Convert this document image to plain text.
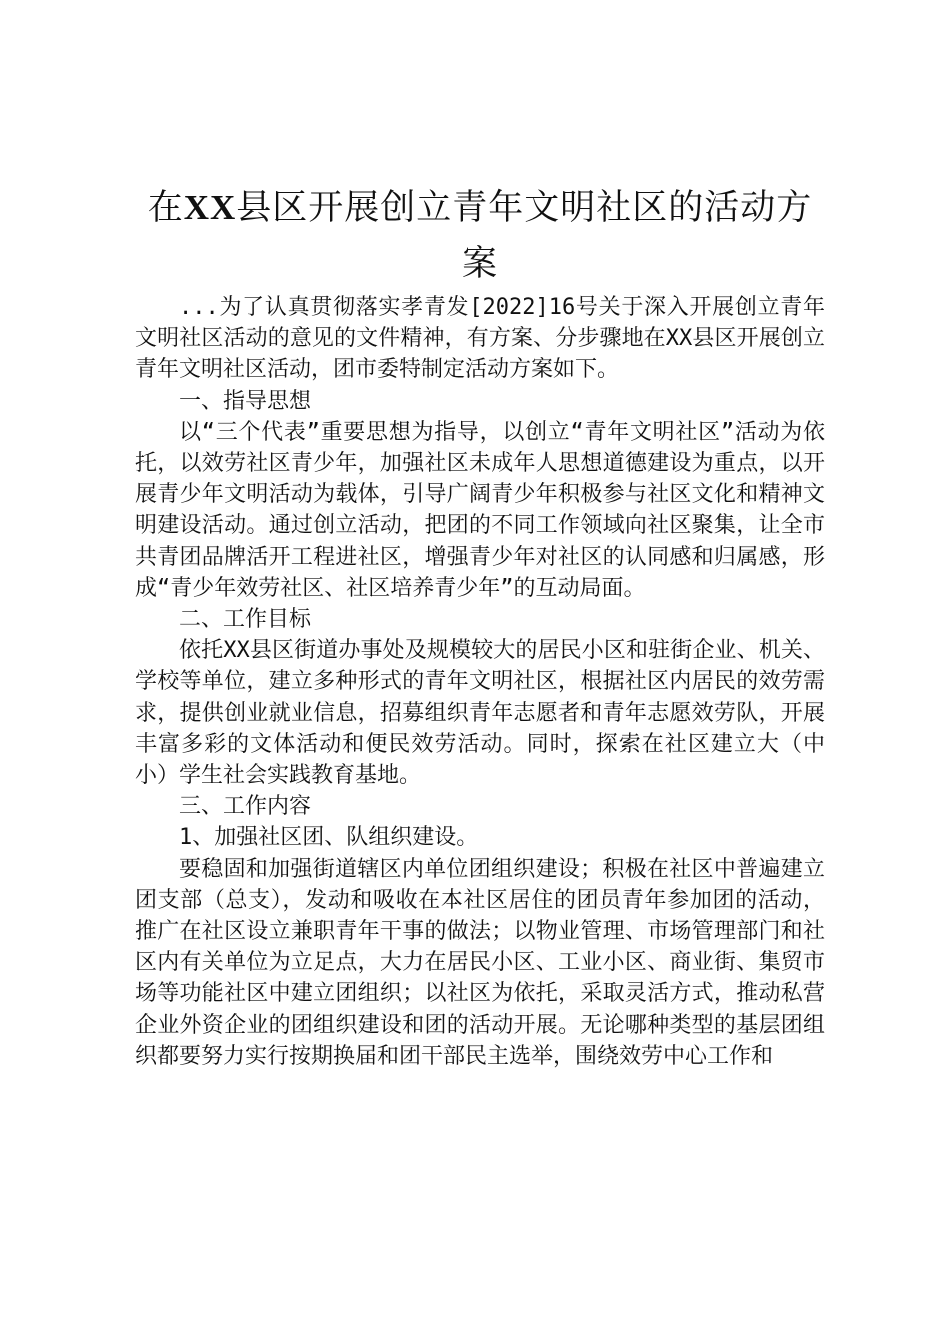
在XX县区开展创立青年文明社区的活动方案

...为了认真贯彻落实孝青发[2022]16号关于深入开展创立青年文明社区活动的意见的文件精神，有方案、分步骤地在XX县区开展创立青年文明社区活动，团市委特制定活动方案如下。

一、指导思想

以“三个代表”重要思想为指导，以创立“青年文明社区”活动为依托，以效劳社区青少年，加强社区未成年人思想道德建设为重点，以开展青少年文明活动为载体，引导广阔青少年积极参与社区文化和精神文明建设活动。通过创立活动，把团的不同工作领域向社区聚集，让全市共青团品牌活开工程进社区，增强青少年对社区的认同感和归属感，形成“青少年效劳社区、社区培养青少年”的互动局面。

二、工作目标

依托XX县区街道办事处及规模较大的居民小区和驻街企业、机关、学校等单位，建立多种形式的青年文明社区，根据社区内居民的效劳需求，提供创业就业信息，招募组织青年志愿者和青年志愿效劳队，开展丰富多彩的文体活动和便民效劳活动。同时，探索在社区建立大（中小）学生社会实践教育基地。

三、工作内容

1、加强社区团、队组织建设。

要稳固和加强街道辖区内单位团组织建设；积极在社区中普遍建立团支部（总支），发动和吸收在本社区居住的团员青年参加团的活动，推广在社区设立兼职青年干事的做法；以物业管理、市场管理部门和社区内有关单位为立足点，大力在居民小区、工业小区、商业街、集贸市场等功能社区中建立团组织；以社区为依托，采取灵活方式，推动私营企业外资企业的团组织建设和团的活动开展。无论哪种类型的基层团组织都要努力实行按期换届和团干部民主选举，围绕效劳中心工作和
